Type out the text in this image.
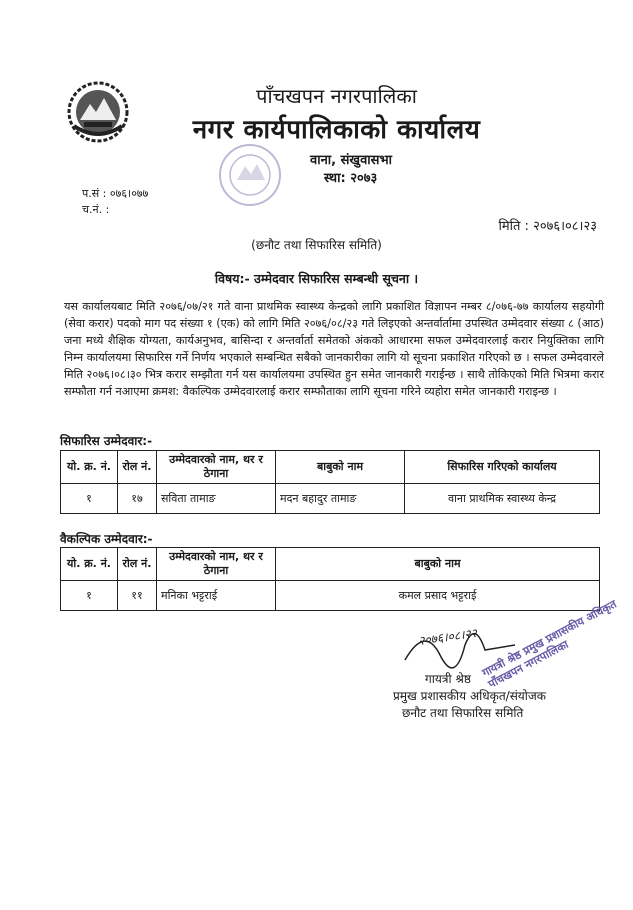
पाँचखपन नगरपालिका
नगर कार्यपालिकाको कार्यालय
वाना, संखुवासभा
स्था: २०७३
प.सं : ०७६।०७७
च.नं. :
मिति : २०७६।०८।२३
(छनौट तथा सिफारिस समिति)
विषय:- उम्मेदवार सिफारिस सम्बन्धी सूचना ।
यस कार्यालयबाट मिति २०७६/०७/२१ गते वाना प्राथमिक स्वास्थ्य केन्द्रको लागि प्रकाशित विज्ञापन नम्बर ८/०७६-७७ कार्यालय सहयोगी (सेवा करार) पदको माग पद संख्या १ (एक) को लागि मिति २०७६/०८/२३ गते लिइएको अन्तर्वार्तामा उपस्थित उम्मेदवार संख्या ८ (आठ) जना मध्ये शैक्षिक योग्यता, कार्यअनुभव, बासिन्दा र अन्तर्वार्ता समेतको अंकको आधारमा सफल उम्मेदवारलाई करार नियुक्तिका लागि निम्न कार्यालयमा सिफारिस गर्ने निर्णय भएकाले सम्बन्धित सबैको जानकारीका लागि यो सूचना प्रकाशित गरिएको छ । सफल उम्मेदवारले मिति २०७६।०८।३० भित्र करार सम्झौता गर्न यस कार्यालयमा उपस्थित हुन समेत जानकारी गराईन्छ । साथै तोकिएको मिति भित्रमा करार सम्फौता गर्न नआएमा क्रमश: वैकल्पिक उम्मेदवारलाई करार सम्फौताका लागि सूचना गरिने व्यहोरा समेत जानकारी गराइन्छ ।
सिफारिस उम्मेदवार:-
यो. क्र. नं.	रोल नं.	उम्मेदवारको नाम, थर र ठेगाना	बाबुको नाम	सिफारिस गरिएको कार्यालय
१	१७	सविता तामाङ	मदन बहादुर तामाङ	वाना प्राथमिक स्वास्थ्य केन्द्र
वैकल्पिक उम्मेदवार:-
यो. क्र. नं.	रोल नं.	उम्मेदवारको नाम, थर र ठेगाना	बाबुको नाम
१	११	मनिका भट्टराई	कमल प्रसाद भट्टराई
२०७६।०८।२२ गायत्री श्रेष्ठ प्रमुख प्रशासकीय अधिकृत पाँचखपन नगरपालिका
गायत्री श्रेष्ठ
प्रमुख प्रशासकीय अधिकृत/संयोजक
छनौट तथा सिफारिस समिति
